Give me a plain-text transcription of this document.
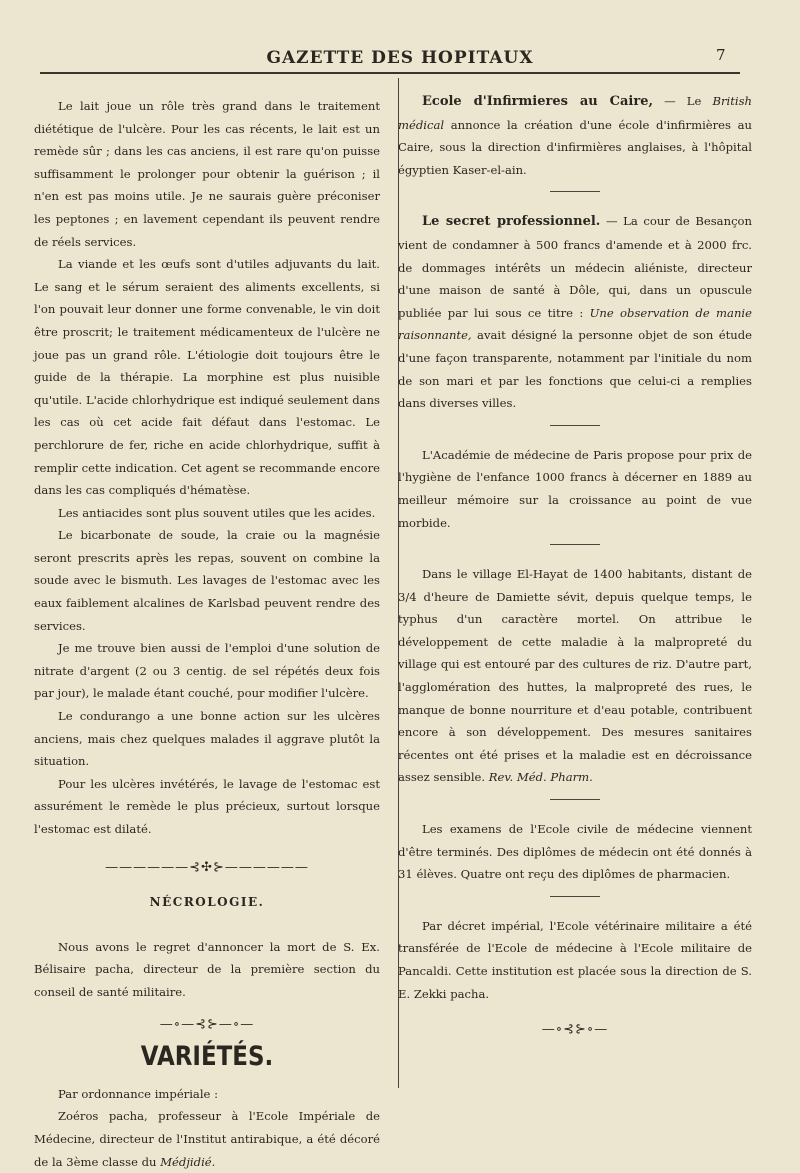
GAZETTE DES HOPITAUX	7

Le lait joue un rôle très grand dans le traitement diététique de l'ulcère. Pour les cas récents, le lait est un remède sûr ; dans les cas anciens, il est rare qu'on puisse suffisamment le prolonger pour obtenir la guérison ; il n'en est pas moins utile. Je ne saurais guère préconiser les peptones ; en lavement cependant ils peuvent rendre de réels services.

La viande et les œufs sont d'utiles adjuvants du lait. Le sang et le sérum seraient des aliments excellents, si l'on pouvait leur donner une forme convenable, le vin doit être proscrit; le traitement médicamenteux de l'ulcère ne joue pas un grand rôle. L'étiologie doit toujours être le guide de la thérapie. La morphine est plus nuisible qu'utile. L'acide chlorhydrique est indiqué seulement dans les cas où cet acide fait défaut dans l'estomac. Le perchlorure de fer, riche en acide chlorhydrique, suffit à remplir cette indication. Cet agent se recommande encore dans les cas compliqués d'hématèse.

Les antiacides sont plus souvent utiles que les acides.

Le bicarbonate de soude, la craie ou la magnésie seront prescrits après les repas, souvent on combine la soude avec le bismuth. Les lavages de l'estomac avec les eaux faiblement alcalines de Karlsbad peuvent rendre des services.

Je me trouve bien aussi de l'emploi d'une solution de nitrate d'argent (2 ou 3 centig. de sel répétés deux fois par jour), le malade étant couché, pour modifier l'ulcère.

Le condurango a une bonne action sur les ulcères anciens, mais chez quelques malades il aggrave plutôt la situation.

Pour les ulcères invétérés, le lavage de l'estomac est assurément le remède le plus précieux, surtout lorsque l'estomac est dilaté.

——————⊰✣⊱——————
NÉCROLOGIE.

Nous avons le regret d'annoncer la mort de S. Ex. Bélisaire pacha, directeur de la première section du conseil de santé militaire.

—∘—⊰⊱—∘—
VARIÉTÉS.

Par ordonnance impériale :

Zoéros pacha, professeur à l'Ecole Impériale de Médecine, directeur de l'Institut antirabique, a été décoré de la 3ème classe du Médjidié.

Ecole d'Infirmieres au Caire, — Le British médical annonce la création d'une école d'infirmières au Caire, sous la direction d'infirmières anglaises, à l'hôpital égyptien Kaser-el-ain.

Le secret professionnel. — La cour de Besançon vient de condamner à 500 francs d'amende et à 2000 frc. de dommages intérêts un médecin aliéniste, directeur d'une maison de santé à Dôle, qui, dans un opuscule publiée par lui sous ce titre : Une observation de manie raisonnante, avait désigné la personne objet de son étude d'une façon transparente, notamment par l'initiale du nom de son mari et par les fonctions que celui-ci a remplies dans diverses villes.

L'Académie de médecine de Paris propose pour prix de l'hygiène de l'enfance 1000 francs à décerner en 1889 au meilleur mémoire sur la croissance au point de vue morbide.

Dans le village El-Hayat de 1400 habitants, distant de 3/4 d'heure de Damiette sévit, depuis quelque temps, le typhus d'un caractère mortel. On attribue le développement de cette maladie à la malpropreté du village qui est entouré par des cultures de riz. D'autre part, l'agglomération des huttes, la malpropreté des rues, le manque de bonne nourriture et d'eau potable, contribuent encore à son développement. Des mesures sanitaires récentes ont été prises et la maladie est en décroissance assez sensible. Rev. Méd. Pharm.

Les examens de l'Ecole civile de médecine viennent d'être terminés. Des diplômes de médecin ont été donnés à 31 élèves. Quatre ont reçu des diplômes de pharmacien.

Par décret impérial, l'Ecole vétérinaire militaire a été transférée de l'Ecole de médecine à l'Ecole militaire de Pancaldi. Cette institution est placée sous la direction de S. E. Zekki pacha.

—∘⊰⊱∘—
